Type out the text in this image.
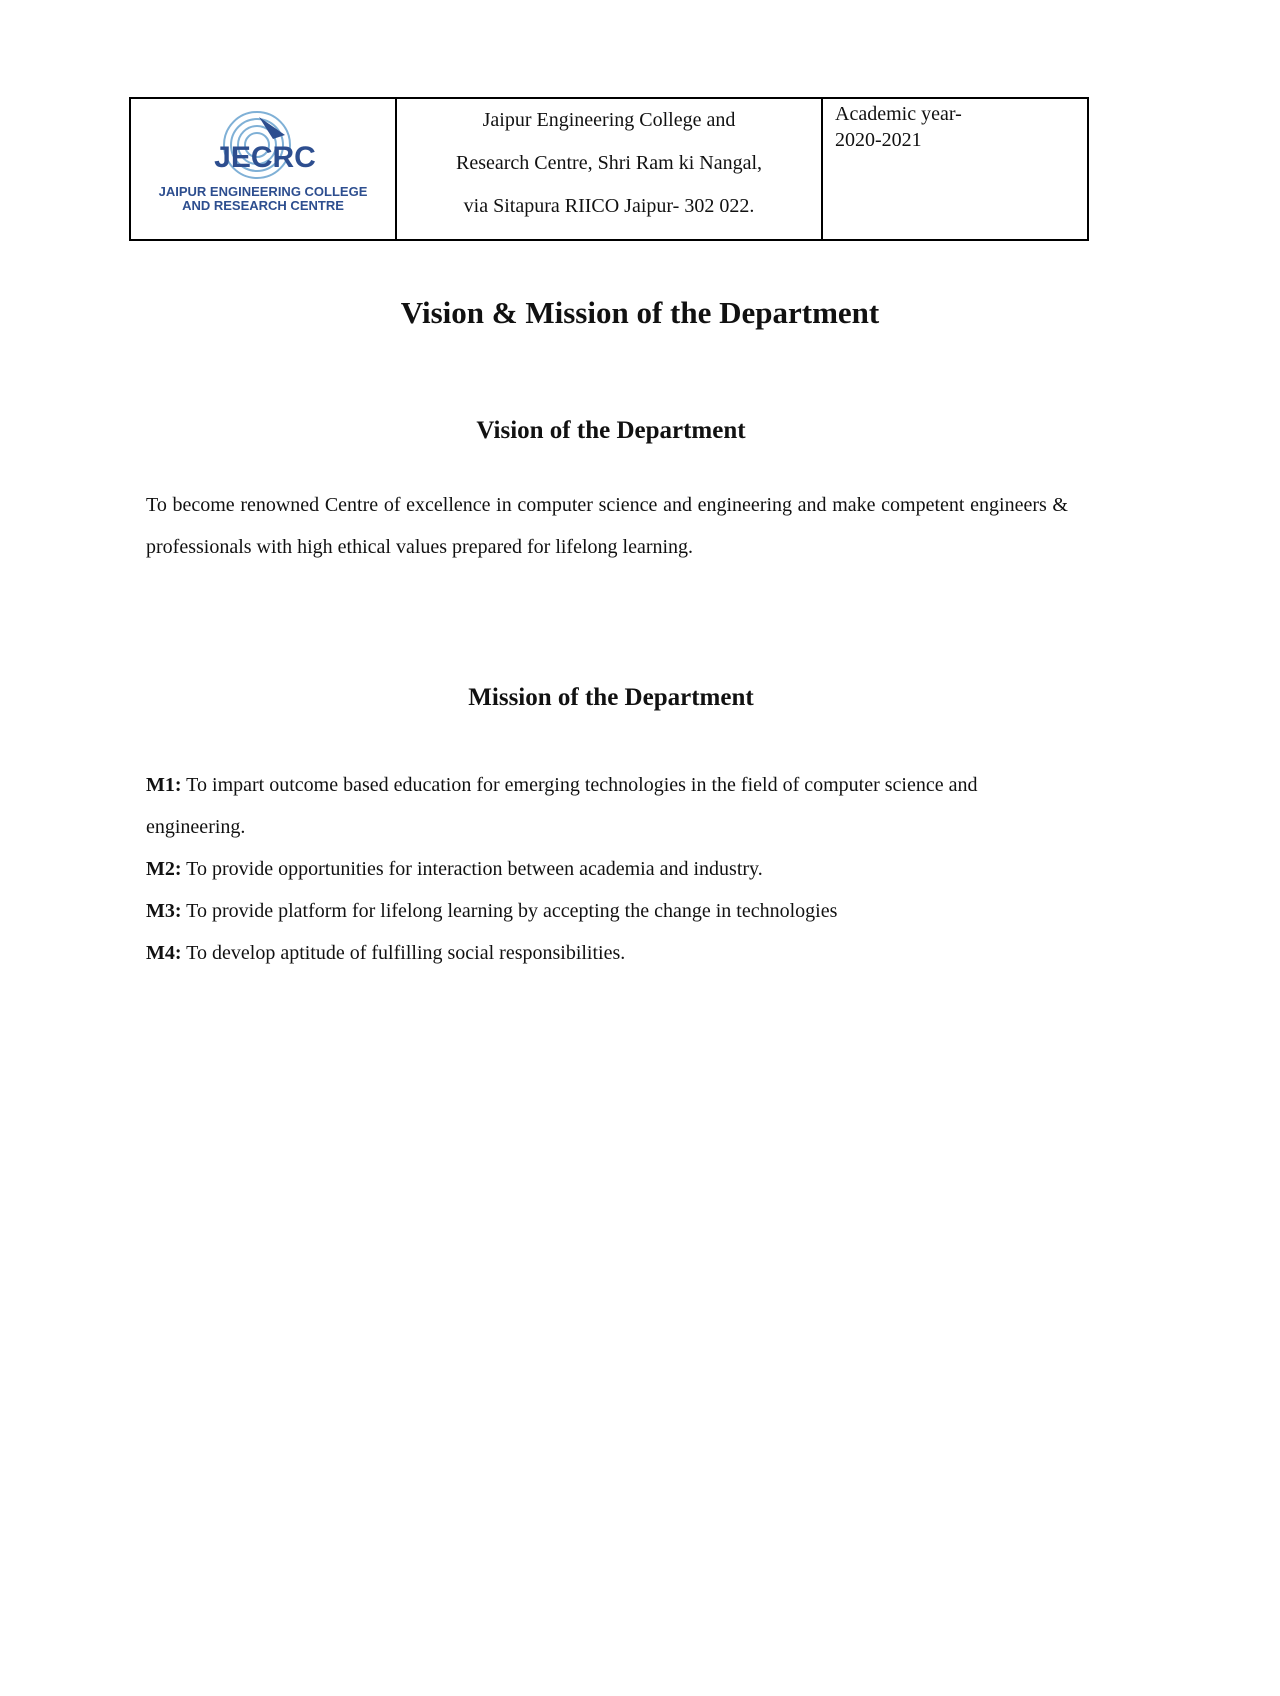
JECRC
JAIPUR ENGINEERING COLLEGE
AND RESEARCH CENTRE

Jaipur Engineering College and
Research Centre, Shri Ram ki Nangal,
via Sitapura RIICO Jaipur- 302 022.

Academic year-
2020-2021
Vision & Mission of the Department
Vision of the Department

To become renowned Centre of excellence in computer science and engineering and make competent engineers & professionals with high ethical values prepared for lifelong learning.

Mission of the Department
M1: To impart outcome based education for emerging technologies in the field of computer science and engineering.
M2: To provide opportunities for interaction between academia and industry.
M3: To provide platform for lifelong learning by accepting the change in technologies
M4: To develop aptitude of fulfilling social responsibilities.
